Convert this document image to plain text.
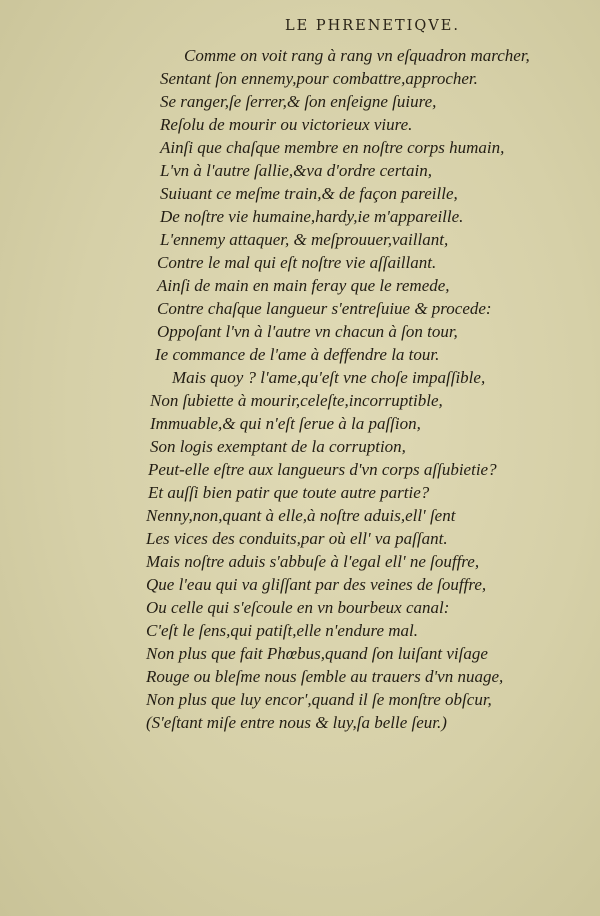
LE PHRENETIQVE.
Comme on voit rang à rang vn eſquadron marcher,
Sentant ſon ennemy,pour combattre,approcher.
Se ranger,ſe ſerrer,& ſon enſeigne ſuiure,
Reſolu de mourir ou victorieux viure.
Ainſi que chaſque membre en noſtre corps humain,
L'vn à l'autre ſallie,&va d'ordre certain,
Suiuant ce meſme train,& de façon pareille,
De noſtre vie humaine,hardy,ie m'appareille.
L'ennemy attaquer, & meſprouuer,vaillant,
Contre le mal qui eſt noſtre vie aſſaillant.
Ainſi de main en main feray que le remede,
Contre chaſque langueur s'entreſuiue & procede:
Oppoſant l'vn à l'autre vn chacun à ſon tour,
Ie commance de l'ame à deffendre la tour.
Mais quoy ? l'ame,qu'eſt vne choſe impaſſible,
Non ſubiette à mourir,celeſte,incorruptible,
Immuable,& qui n'eſt ſerue à la paſſion,
Son logis exemptant de la corruption,
Peut-elle eſtre aux langueurs d'vn corps aſſubietie?
Et auſſi bien patir que toute autre partie?
Nenny,non,quant à elle,à noſtre aduis,ell' ſent
Les vices des conduits,par où ell' va paſſant.
Mais noſtre aduis s'abbuſe à l'egal ell' ne ſouffre,
Que l'eau qui va gliſſant par des veines de ſouffre,
Ou celle qui s'eſcoule en vn bourbeux canal:
C'eſt le ſens,qui patiſt,elle n'endure mal.
Non plus que fait Phœbus,quand ſon luiſant viſage
Rouge ou bleſme nous ſemble au trauers d'vn nuage,
Non plus que luy encor',quand il ſe monſtre obſcur,
(S'eſtant miſe entre nous & luy,ſa belle ſeur.)
